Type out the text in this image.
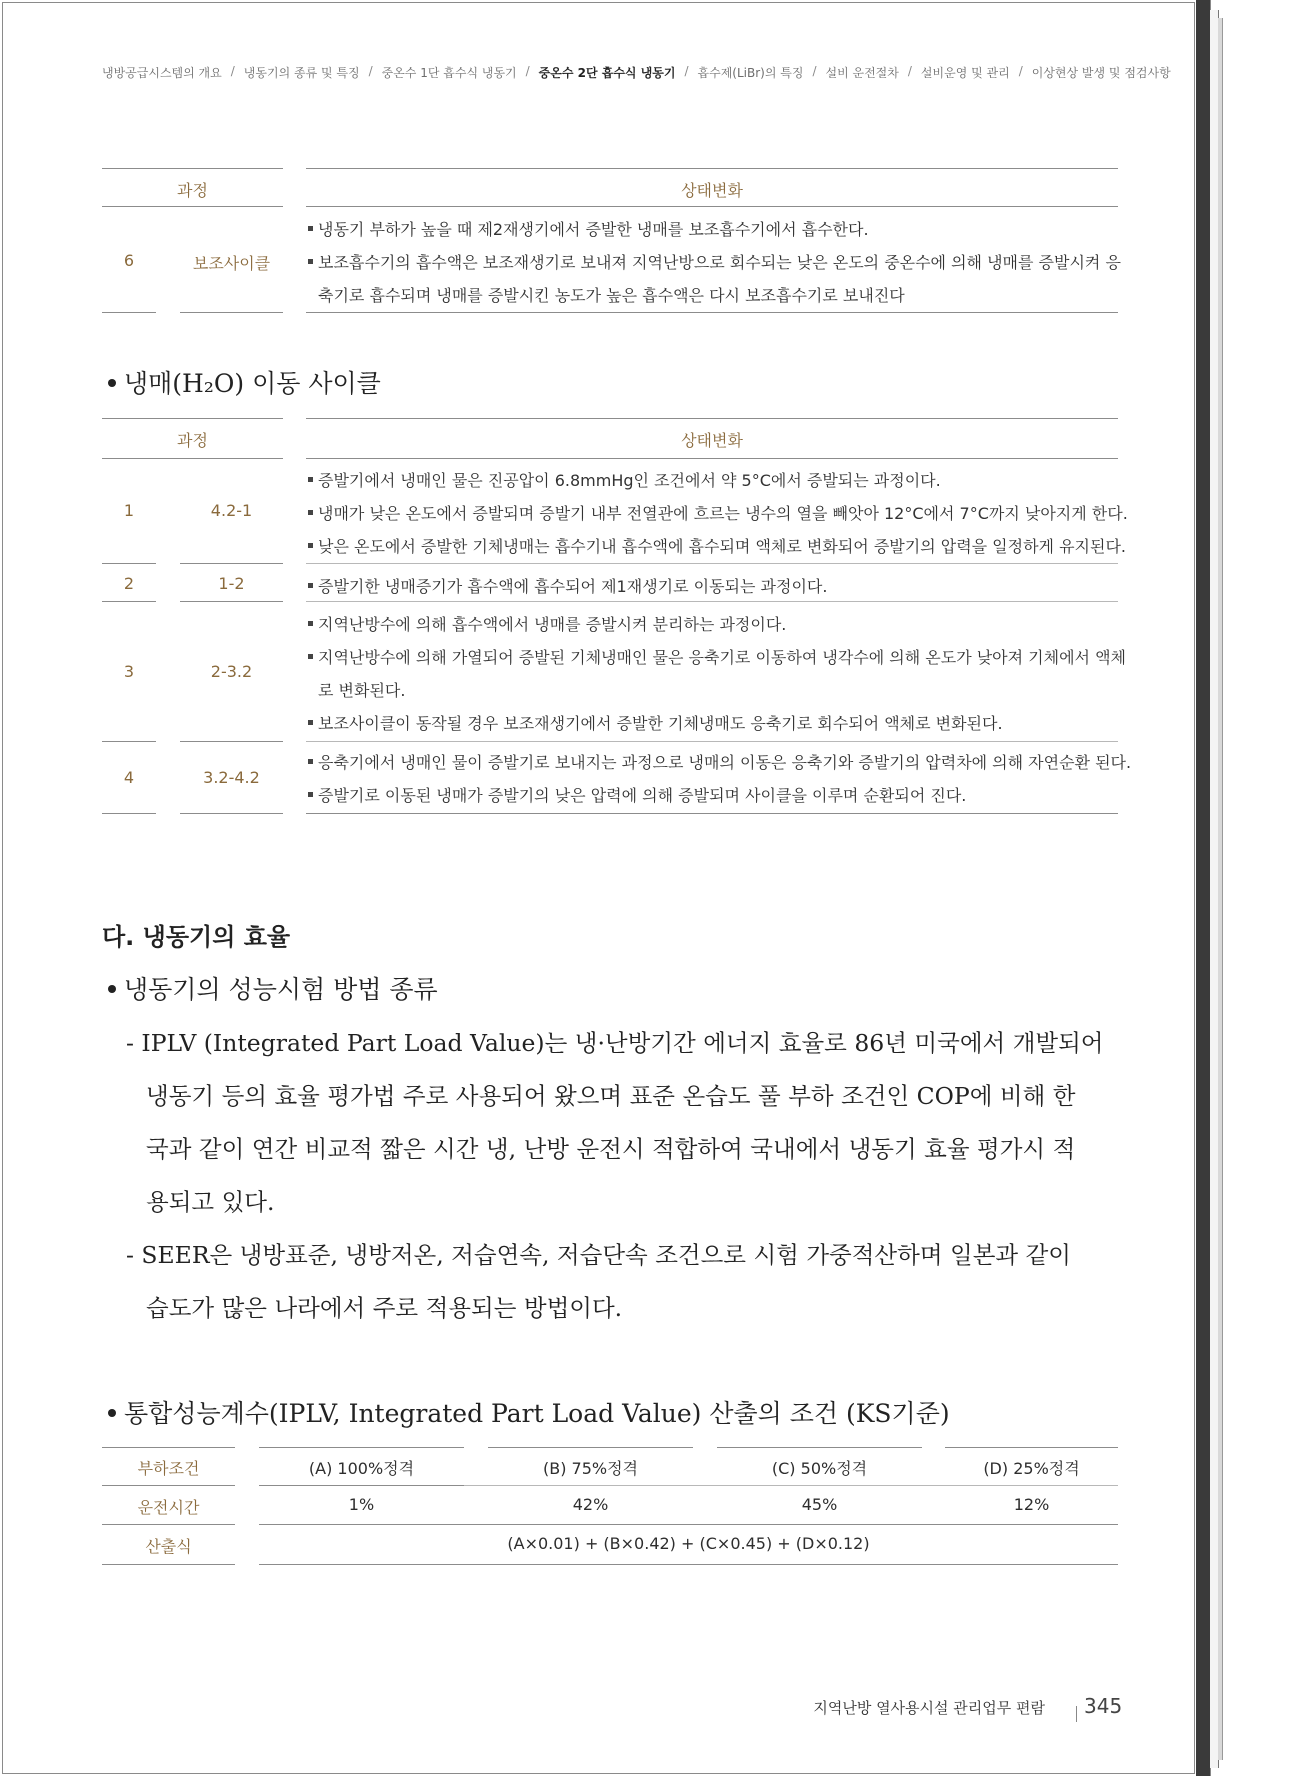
냉방공급시스템의 개요 / 냉동기의 종류 및 특징 / 중온수 1단 흡수식 냉동기 / 중온수 2단 흡수식 냉동기 / 흡수제(LiBr)의 특징 / 설비 운전절차 / 설비운영 및 관리 / 이상현상 발생 및 점검사항
과정	상태변화
6	보조사이클
냉동기 부하가 높을 때 제2재생기에서 증발한 냉매를 보조흡수기에서 흡수한다.
보조흡수기의 흡수액은 보조재생기로 보내져 지역난방으로 회수되는 낮은 온도의 중온수에 의해 냉매를 증발시켜 응
축기로 흡수되며 냉매를 증발시킨 농도가 높은 흡수액은 다시 보조흡수기로 보내진다
냉매(H₂O) 이동 사이클
과정	상태변화
1	4.2-1
증발기에서 냉매인 물은 진공압이 6.8mmHg인 조건에서 약 5°C에서 증발되는 과정이다.
냉매가 낮은 온도에서 증발되며 증발기 내부 전열관에 흐르는 냉수의 열을 빼앗아 12°C에서 7°C까지 낮아지게 한다.
낮은 온도에서 증발한 기체냉매는 흡수기내 흡수액에 흡수되며 액체로 변화되어 증발기의 압력을 일정하게 유지된다.
2	1-2	증발기한 냉매증기가 흡수액에 흡수되어 제1재생기로 이동되는 과정이다.
3	2-3.2
지역난방수에 의해 흡수액에서 냉매를 증발시켜 분리하는 과정이다.
지역난방수에 의해 가열되어 증발된 기체냉매인 물은 응축기로 이동하여 냉각수에 의해 온도가 낮아져 기체에서 액체
로 변화된다.
보조사이클이 동작될 경우 보조재생기에서 증발한 기체냉매도 응축기로 회수되어 액체로 변화된다.
4	3.2-4.2
응축기에서 냉매인 물이 증발기로 보내지는 과정으로 냉매의 이동은 응축기와 증발기의 압력차에 의해 자연순환 된다.
증발기로 이동된 냉매가 증발기의 낮은 압력에 의해 증발되며 사이클을 이루며 순환되어 진다.
다. 냉동기의 효율
냉동기의 성능시험 방법 종류
- IPLV (Integrated Part Load Value)는 냉·난방기간 에너지 효율로 86년 미국에서 개발되어
냉동기 등의 효율 평가법 주로 사용되어 왔으며 표준 온습도 풀 부하 조건인 COP에 비해 한
국과 같이 연간 비교적 짧은 시간 냉, 난방 운전시 적합하여 국내에서 냉동기 효율 평가시 적
용되고 있다.
- SEER은 냉방표준, 냉방저온, 저습연속, 저습단속 조건으로 시험 가중적산하며 일본과 같이
습도가 많은 나라에서 주로 적용되는 방법이다.
통합성능계수(IPLV, Integrated Part Load Value) 산출의 조건 (KS기준)
부하조건	(A) 100%정격	(B) 75%정격	(C) 50%정격	(D) 25%정격
운전시간	1%	42%	45%	12%
산출식	(A×0.01) + (B×0.42) + (C×0.45) + (D×0.12)
지역난방 열사용시설 관리업무 편람 345
